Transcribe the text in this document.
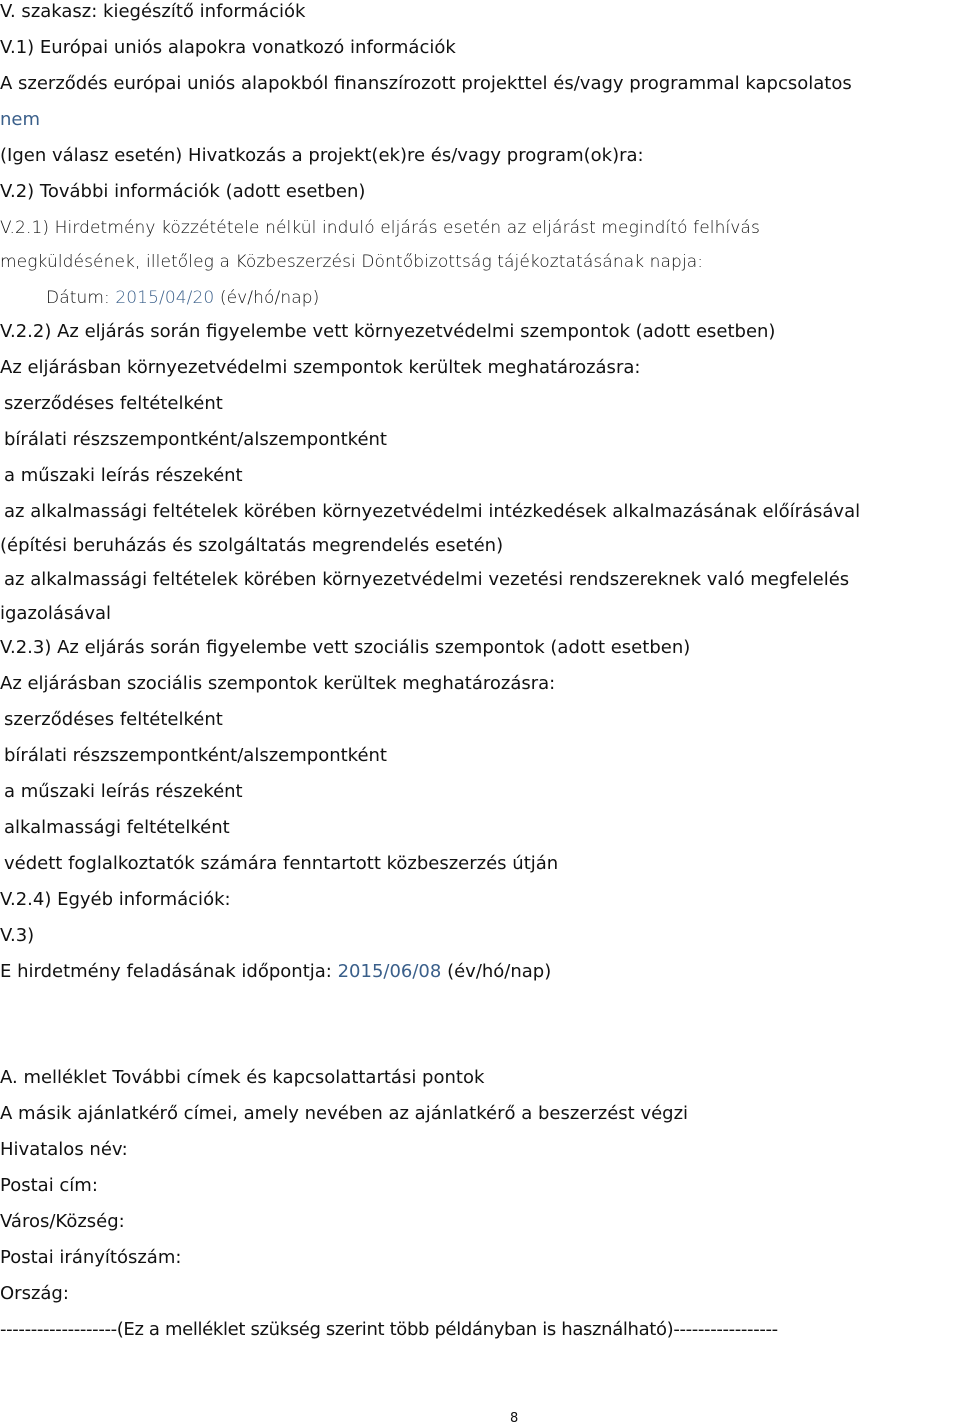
V. szakasz: kiegészítő információk
V.1) Európai uniós alapokra vonatkozó információk
A szerződés európai uniós alapokból finanszírozott projekttel és/vagy programmal kapcsolatos
nem
(Igen válasz esetén) Hivatkozás a projekt(ek)re és/vagy program(ok)ra:
V.2) További információk (adott esetben)
V.2.1) Hirdetmény közzététele nélkül induló eljárás esetén az eljárást megindító felhívás
megküldésének, illetőleg a Közbeszerzési Döntőbizottság tájékoztatásának napja:
Dátum: 2015/04/20 (év/hó/nap)
V.2.2) Az eljárás során figyelembe vett környezetvédelmi szempontok (adott esetben)
Az eljárásban környezetvédelmi szempontok kerültek meghatározásra:
szerződéses feltételként
bírálati részszempontként/alszempontként
a műszaki leírás részeként
az alkalmassági feltételek körében környezetvédelmi intézkedések alkalmazásának előírásával
(építési beruházás és szolgáltatás megrendelés esetén)
az alkalmassági feltételek körében környezetvédelmi vezetési rendszereknek való megfelelés
igazolásával
V.2.3) Az eljárás során figyelembe vett szociális szempontok (adott esetben)
Az eljárásban szociális szempontok kerültek meghatározásra:
szerződéses feltételként
bírálati részszempontként/alszempontként
a műszaki leírás részeként
alkalmassági feltételként
védett foglalkoztatók számára fenntartott közbeszerzés útján
V.2.4) Egyéb információk:
V.3)
E hirdetmény feladásának időpontja: 2015/06/08 (év/hó/nap)
A. melléklet További címek és kapcsolattartási pontok
A másik ajánlatkérő címei, amely nevében az ajánlatkérő a beszerzést végzi
Hivatalos név:
Postai cím:
Város/Község:
Postai irányítószám:
Ország:
-------------------(Ez a melléklet szükség szerint több példányban is használható)-----------------
8
